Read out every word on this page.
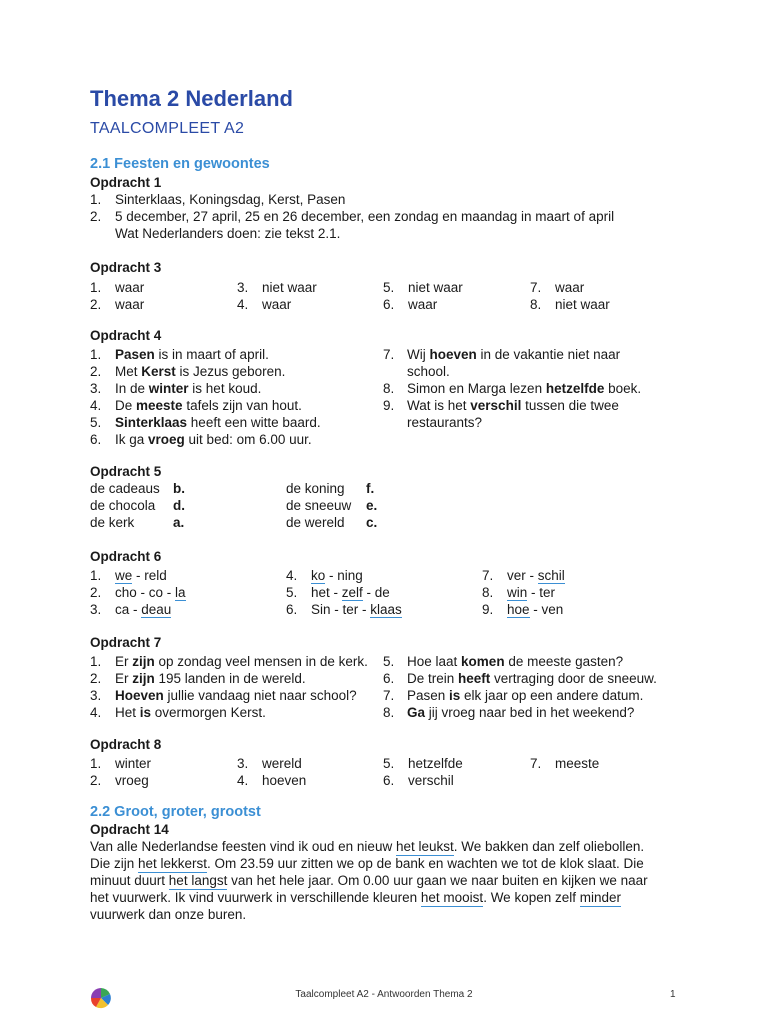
Thema 2 Nederland
TAALCOMPLEET A2
2.1 Feesten en gewoontes
Opdracht 1
1. Sinterklaas, Koningsdag, Kerst, Pasen
2. 5 december, 27 april, 25 en 26 december, een zondag en maandag in maart of april
Wat Nederlanders doen: zie tekst 2.1.
Opdracht 3
1. waar	3. niet waar	5. niet waar	7. waar
2. waar	4. waar	6. waar	8. niet waar
Opdracht 4
1. Pasen is in maart of april.
2. Met Kerst is Jezus geboren.
3. In de winter is het koud.
4. De meeste tafels zijn van hout.
5. Sinterklaas heeft een witte baard.
6. Ik ga vroeg uit bed: om 6.00 uur.
7. Wij hoeven in de vakantie niet naar
school.
8. Simon en Marga lezen hetzelfde boek.
9. Wat is het verschil tussen die twee
restaurants?
Opdracht 5
de cadeaus b.	de koning f.
de chocola d.	de sneeuw e.
de kerk	a.	de wereld c.
Opdracht 6
1. we - reld	4. ko - ning	7. ver - schil
2. cho - co - la	5. het - zelf - de	8. win - ter
3. ca - deau	6. Sin - ter - klaas	9. hoe - ven
Opdracht 7
1. Er zijn op zondag veel mensen in de kerk.
2. Er zijn 195 landen in de wereld.
3. Hoeven jullie vandaag niet naar school?
4. Het is overmorgen Kerst.
5. Hoe laat komen de meeste gasten?
6. De trein heeft vertraging door de sneeuw.
7. Pasen is elk jaar op een andere datum.
8. Ga jij vroeg naar bed in het weekend?
Opdracht 8
1. winter	3. wereld	5. hetzelfde	7. meeste
2. vroeg	4. hoeven	6. verschil
2.2 Groot, groter, grootst
Opdracht 14
Van alle Nederlandse feesten vind ik oud en nieuw het leukst. We bakken dan zelf oliebollen.
Die zijn het lekkerst. Om 23.59 uur zitten we op de bank en wachten we tot de klok slaat. Die
minuut duurt het langst van het hele jaar. Om 0.00 uur gaan we naar buiten en kijken we naar
het vuurwerk. Ik vind vuurwerk in verschillende kleuren het mooist. We kopen zelf minder
vuurwerk dan onze buren.
Taalcompleet A2 - Antwoorden Thema 2	1
